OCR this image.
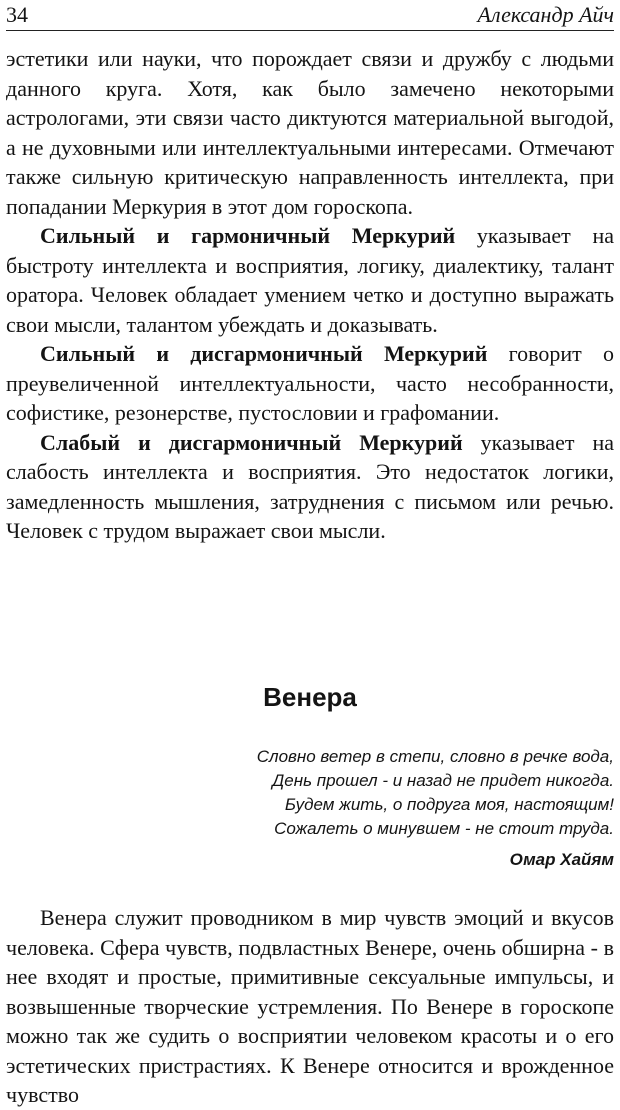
34	Александр Айч

эстетики или науки, что порождает связи и дружбу с людьми данного круга. Хотя, как было замечено некоторыми астрологами, эти связи часто диктуются материальной выгодой, а не духовными или интеллектуальными интересами. Отмечают также сильную критическую направленность интеллекта, при попадании Меркурия в этот дом гороскопа.

Сильный и гармоничный Меркурий указывает на быстроту интеллекта и восприятия, логику, диалектику, талант оратора. Человек обладает умением четко и доступно выражать свои мысли, талантом убеждать и доказывать.

Сильный и дисгармоничный Меркурий говорит о преувеличенной интеллектуальности, часто несобранности, софистике, резонерстве, пустословии и графомании.

Слабый и дисгармоничный Меркурий указывает на слабость интеллекта и восприятия. Это недостаток логики, замедленность мышления, затруднения с письмом или речью. Человек с трудом выражает свои мысли.

Венера
Словно ветер в степи, словно в речке вода,
День прошел - и назад не придет никогда.
Будем жить, о подруга моя, настоящим!
Сожалеть о минувшем - не стоит труда.
Омар Хайям

Венера служит проводником в мир чувств эмоций и вкусов человека. Сфера чувств, подвластных Венере, очень обширна - в нее входят и простые, примитивные сексуальные импульсы, и возвышенные творческие устремления. По Венере в гороскопе можно так же судить о восприятии человеком красоты и о его эстетических пристрастиях. К Венере относится и врожденное чувство
